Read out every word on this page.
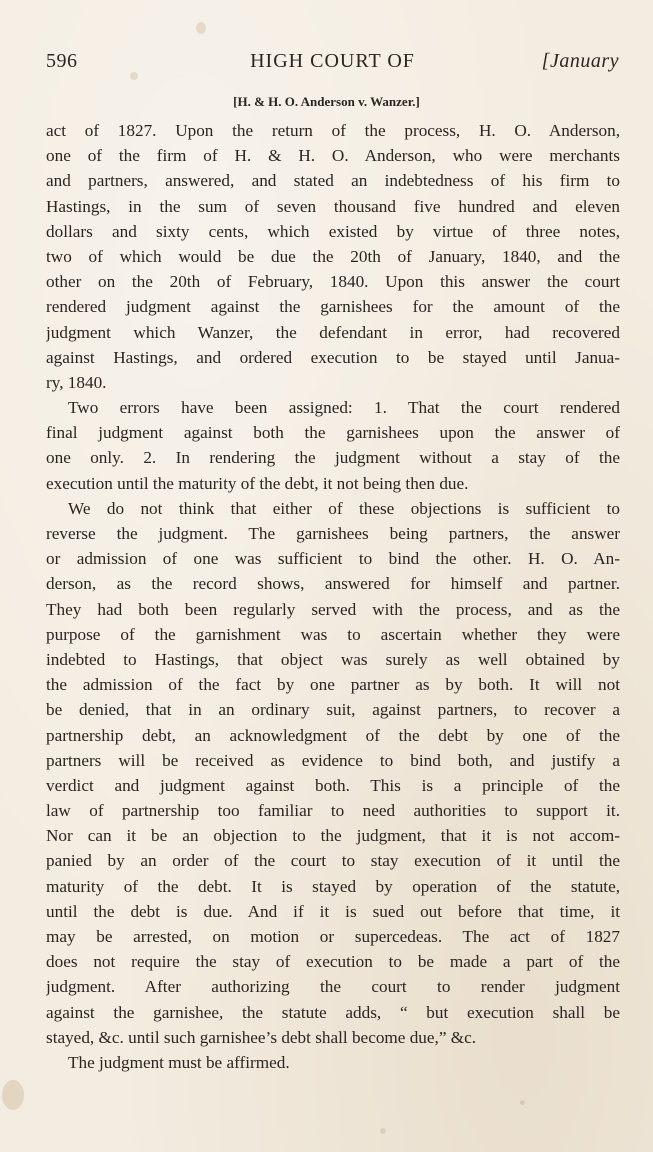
596	HIGH COURT OF	[January
[H. & H. O. Anderson v. Wanzer.]
act of 1827. Upon the return of the process, H. O. Anderson,
one of the firm of H. & H. O. Anderson, who were merchants
and partners, answered, and stated an indebtedness of his firm to
Hastings, in the sum of seven thousand five hundred and eleven
dollars and sixty cents, which existed by virtue of three notes,
two of which would be due the 20th of January, 1840, and the
other on the 20th of February, 1840. Upon this answer the court
rendered judgment against the garnishees for the amount of the
judgment which Wanzer, the defendant in error, had recovered
against Hastings, and ordered execution to be stayed until Janua-
ry, 1840.
Two errors have been assigned: 1. That the court rendered
final judgment against both the garnishees upon the answer of
one only. 2. In rendering the judgment without a stay of the
execution until the maturity of the debt, it not being then due.
We do not think that either of these objections is sufficient to
reverse the judgment. The garnishees being partners, the answer
or admission of one was sufficient to bind the other. H. O. An-
derson, as the record shows, answered for himself and partner.
They had both been regularly served with the process, and as the
purpose of the garnishment was to ascertain whether they were
indebted to Hastings, that object was surely as well obtained by
the admission of the fact by one partner as by both. It will not
be denied, that in an ordinary suit, against partners, to recover a
partnership debt, an acknowledgment of the debt by one of the
partners will be received as evidence to bind both, and justify a
verdict and judgment against both. This is a principle of the
law of partnership too familiar to need authorities to support it.
Nor can it be an objection to the judgment, that it is not accom-
panied by an order of the court to stay execution of it until the
maturity of the debt. It is stayed by operation of the statute,
until the debt is due. And if it is sued out before that time, it
may be arrested, on motion or supercedeas. The act of 1827
does not require the stay of execution to be made a part of the
judgment. After authorizing the court to render judgment
against the garnishee, the statute adds, “ but execution shall be
stayed, &c. until such garnishee’s debt shall become due,” &c.
The judgment must be affirmed.
